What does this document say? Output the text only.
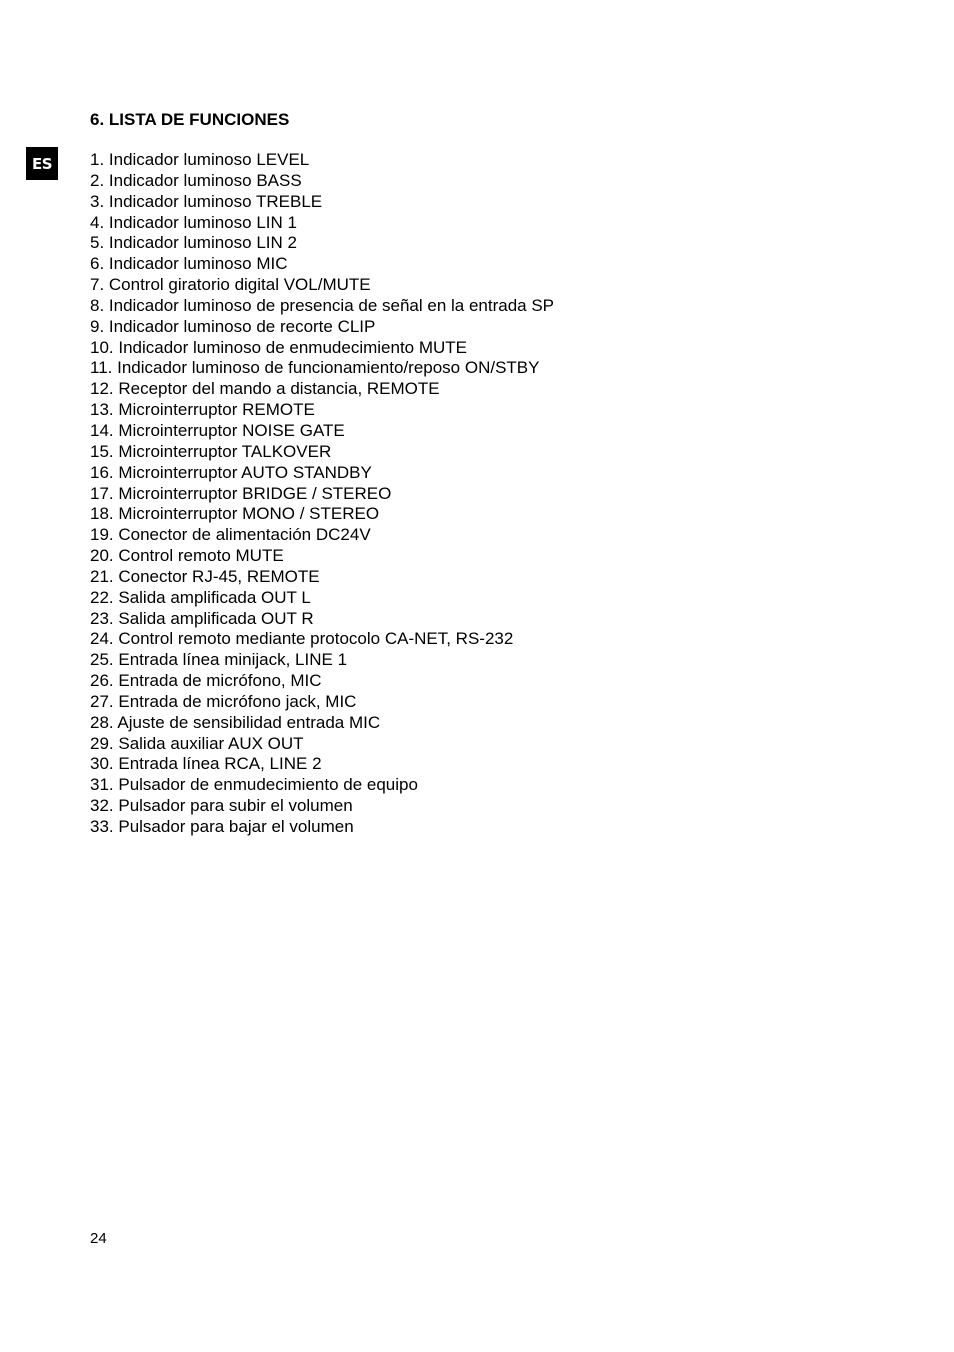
ES
6. LISTA DE FUNCIONES
1. Indicador luminoso LEVEL
2. Indicador luminoso BASS
3. Indicador luminoso TREBLE
4. Indicador luminoso LIN 1
5. Indicador luminoso LIN 2
6. Indicador luminoso MIC
7. Control giratorio digital VOL/MUTE
8. Indicador luminoso de presencia de señal en la entrada SP
9. Indicador luminoso de recorte CLIP
10. Indicador luminoso de enmudecimiento MUTE
11. Indicador luminoso de funcionamiento/reposo ON/STBY
12. Receptor del mando a distancia, REMOTE
13. Microinterruptor REMOTE
14. Microinterruptor NOISE GATE
15. Microinterruptor TALKOVER
16. Microinterruptor AUTO STANDBY
17. Microinterruptor BRIDGE / STEREO
18. Microinterruptor MONO / STEREO
19. Conector de alimentación DC24V
20. Control remoto MUTE
21. Conector RJ-45, REMOTE
22. Salida amplificada OUT L
23. Salida amplificada OUT R
24. Control remoto mediante protocolo CA-NET, RS-232
25. Entrada línea minijack, LINE 1
26. Entrada de micrófono, MIC
27. Entrada de micrófono jack, MIC
28. Ajuste de sensibilidad entrada MIC
29. Salida auxiliar AUX OUT
30. Entrada línea RCA, LINE 2
31. Pulsador de enmudecimiento de equipo
32. Pulsador para subir el volumen
33. Pulsador para bajar el volumen
24
